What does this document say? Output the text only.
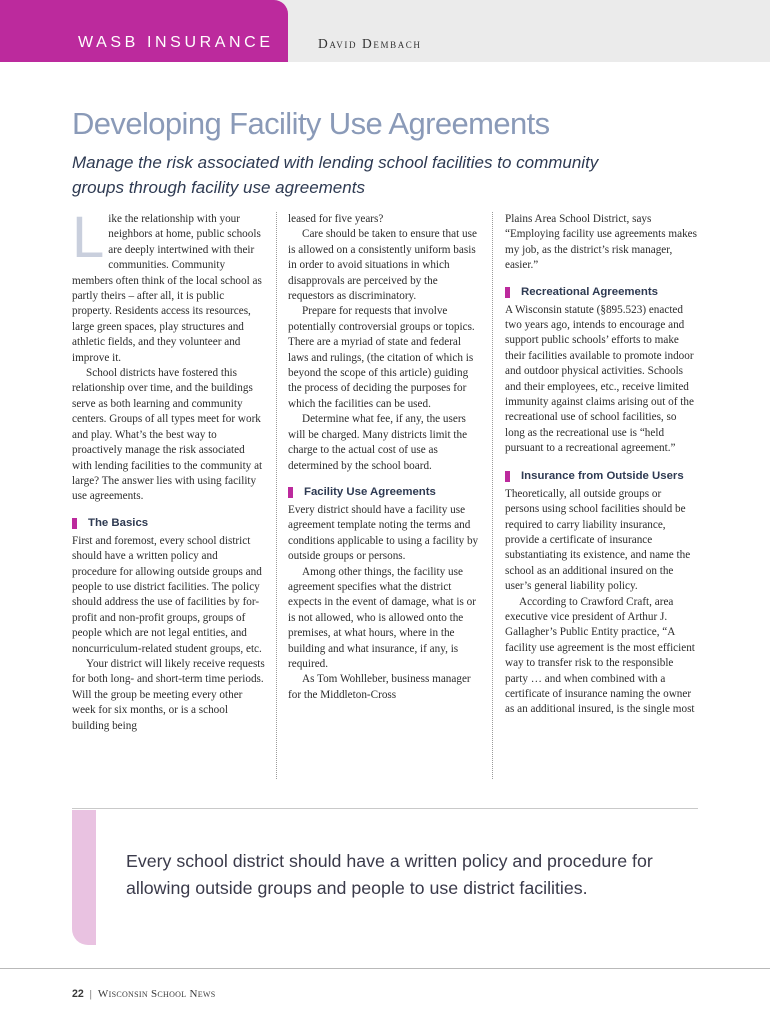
WASB INSURANCE	David Dembach
Developing Facility Use Agreements

Manage the risk associated with lending school facilities to community groups through facility use agreements

Like the relationship with your neighbors at home, public schools are deeply intertwined with their communities. Community members often think of the local school as partly theirs – after all, it is public property. Residents access its resources, large green spaces, play structures and athletic fields, and they volunteer and improve it.

School districts have fostered this relationship over time, and the buildings serve as both learning and community centers. Groups of all types meet for work and play. What’s the best way to proactively manage the risk associated with lending facilities to the community at large? The answer lies with using facility use agreements.

The Basics

First and foremost, every school district should have a written policy and procedure for allowing outside groups and people to use district facilities. The policy should address the use of facilities by for-profit and non-profit groups, groups of people which are not legal entities, and noncurriculum-related student groups, etc.

Your district will likely receive requests for both long- and short-term time periods. Will the group be meeting every other week for six months, or is a school building being

leased for five years?

Care should be taken to ensure that use is allowed on a consistently uniform basis in order to avoid situations in which disapprovals are perceived by the requestors as discriminatory.

Prepare for requests that involve potentially controversial groups or topics. There are a myriad of state and federal laws and rulings, (the citation of which is beyond the scope of this article) guiding the process of deciding the purposes for which the facilities can be used.

Determine what fee, if any, the users will be charged. Many districts limit the charge to the actual cost of use as determined by the school board.

Facility Use Agreements

Every district should have a facility use agreement template noting the terms and conditions applicable to using a facility by outside groups or persons.

Among other things, the facility use agreement specifies what the district expects in the event of damage, what is or is not allowed, who is allowed onto the premises, at what hours, where in the building and what insurance, if any, is required.

As Tom Wohlleber, business manager for the Middleton-Cross

Plains Area School District, says “Employing facility use agreements makes my job, as the district’s risk manager, easier.”

Recreational Agreements

A Wisconsin statute (§895.523) enacted two years ago, intends to encourage and support public schools’ efforts to make their facilities available to promote indoor and outdoor physical activities. Schools and their employees, etc., receive limited immunity against claims arising out of the recreational use of school facilities, so long as the recreational use is “held pursuant to a recreational agreement.”

Insurance from Outside Users

Theoretically, all outside groups or persons using school facilities should be required to carry liability insurance, provide a certificate of insurance substantiating its existence, and name the school as an additional insured on the user’s general liability policy.

According to Crawford Craft, area executive vice president of Arthur J. Gallagher’s Public Entity practice, “A facility use agreement is the most efficient way to transfer risk to the responsible party … and when combined with a certificate of insurance naming the owner as an additional insured, is the single most

Every school district should have a written policy and procedure for allowing outside groups and people to use district facilities.

22 | Wisconsin School News
